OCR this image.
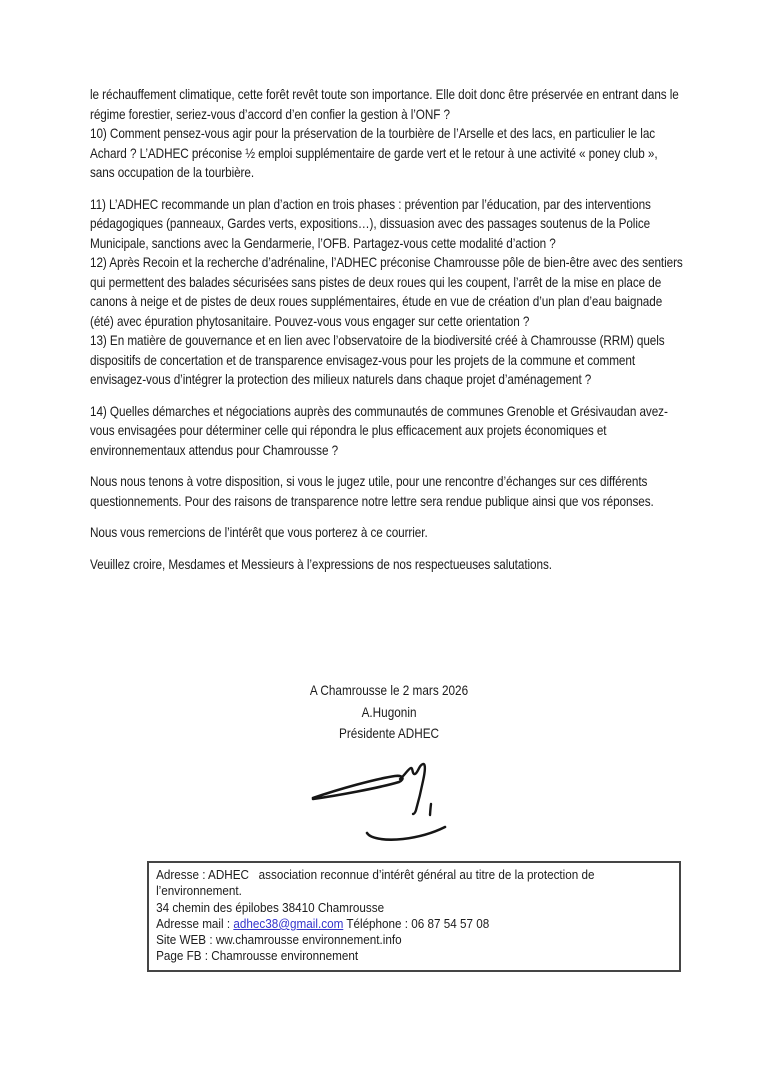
le réchauffement climatique, cette forêt revêt toute son importance. Elle doit donc être préservée en entrant dans le régime forestier, seriez-vous d’accord d’en confier la gestion à l’ONF ?

10) Comment pensez-vous agir pour la préservation de la tourbière de l’Arselle et des lacs, en particulier le lac Achard ? L’ADHEC préconise ½ emploi supplémentaire de garde vert et le retour à une activité « poney club »,  sans occupation de la tourbière.

11) L’ADHEC recommande un plan d’action en trois phases : prévention par l’éducation, par des interventions pédagogiques (panneaux, Gardes verts, expositions…), dissuasion avec des passages soutenus de la Police Municipale, sanctions avec la Gendarmerie, l’OFB. Partagez-vous cette modalité d’action ?

12) Après Recoin et la recherche d’adrénaline, l’ADHEC préconise Chamrousse pôle de bien-être avec des sentiers qui permettent des balades sécurisées sans pistes de deux roues qui les coupent, l’arrêt de la mise en place de canons à neige et de pistes de deux roues supplémentaires, étude en vue de création d’un plan d’eau baignade (été) avec épuration phytosanitaire. Pouvez-vous vous engager sur cette orientation ?

13) En matière de gouvernance et en lien avec l’observatoire de la biodiversité créé à Chamrousse (RRM) quels dispositifs de concertation et de transparence envisagez-vous pour les projets de la commune et comment envisagez-vous d’intégrer la protection des milieux naturels dans chaque projet d’aménagement ?

14) Quelles démarches et négociations auprès des communautés de communes Grenoble et Grésivaudan avez-vous envisagées pour déterminer celle qui répondra le plus efficacement aux projets économiques et environnementaux attendus pour Chamrousse ?

Nous nous tenons à votre disposition, si vous le jugez utile, pour une rencontre d’échanges sur ces différents questionnements. Pour des raisons de transparence notre lettre sera rendue publique ainsi que vos réponses.

Nous vous remercions de l’intérêt que vous porterez à ce courrier.

Veuillez croire, Mesdames et Messieurs à l’expressions de nos respectueuses salutations.

A Chamrousse le 2 mars 2026
A.Hugonin
Présidente ADHEC

Adresse : ADHEC   association reconnue d’intérêt général au titre de la protection de l’environnement.

34 chemin des épilobes 38410 Chamrousse

Adresse mail : adhec38@gmail.com Téléphone : 06 87 54 57 08

Site WEB : ww.chamrousse environnement.info

Page FB : Chamrousse environnement
